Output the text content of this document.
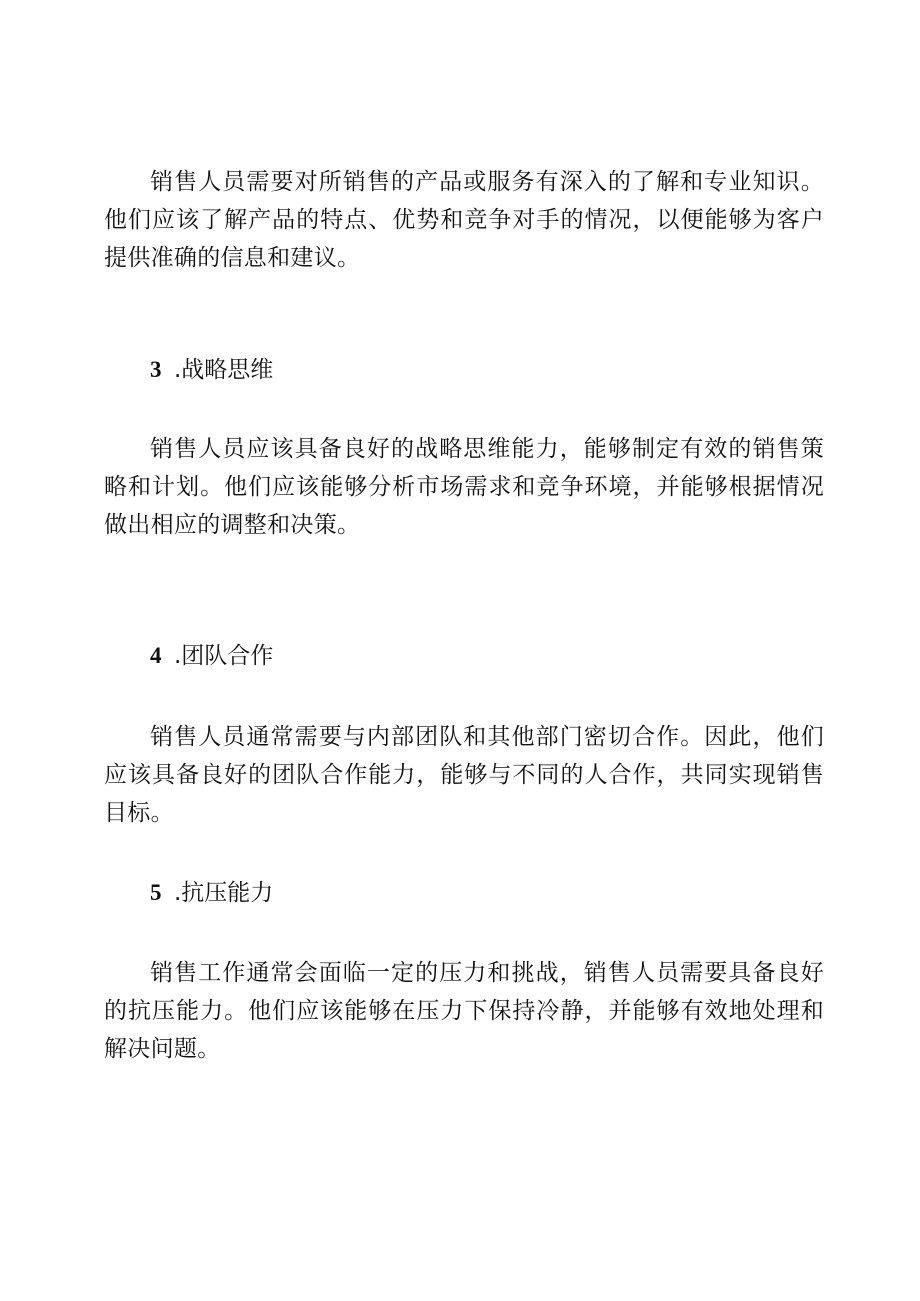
销售人员需要对所销售的产品或服务有深入的了解和专业知识。他们应该了解产品的特点、优势和竞争对手的情况，以便能够为客户提供准确的信息和建议。

3 .战略思维

销售人员应该具备良好的战略思维能力，能够制定有效的销售策略和计划。他们应该能够分析市场需求和竞争环境，并能够根据情况做出相应的调整和决策。

4 .团队合作

销售人员通常需要与内部团队和其他部门密切合作。因此，他们应该具备良好的团队合作能力，能够与不同的人合作，共同实现销售目标。

5 .抗压能力

销售工作通常会面临一定的压力和挑战，销售人员需要具备良好的抗压能力。他们应该能够在压力下保持冷静，并能够有效地处理和解决问题。
